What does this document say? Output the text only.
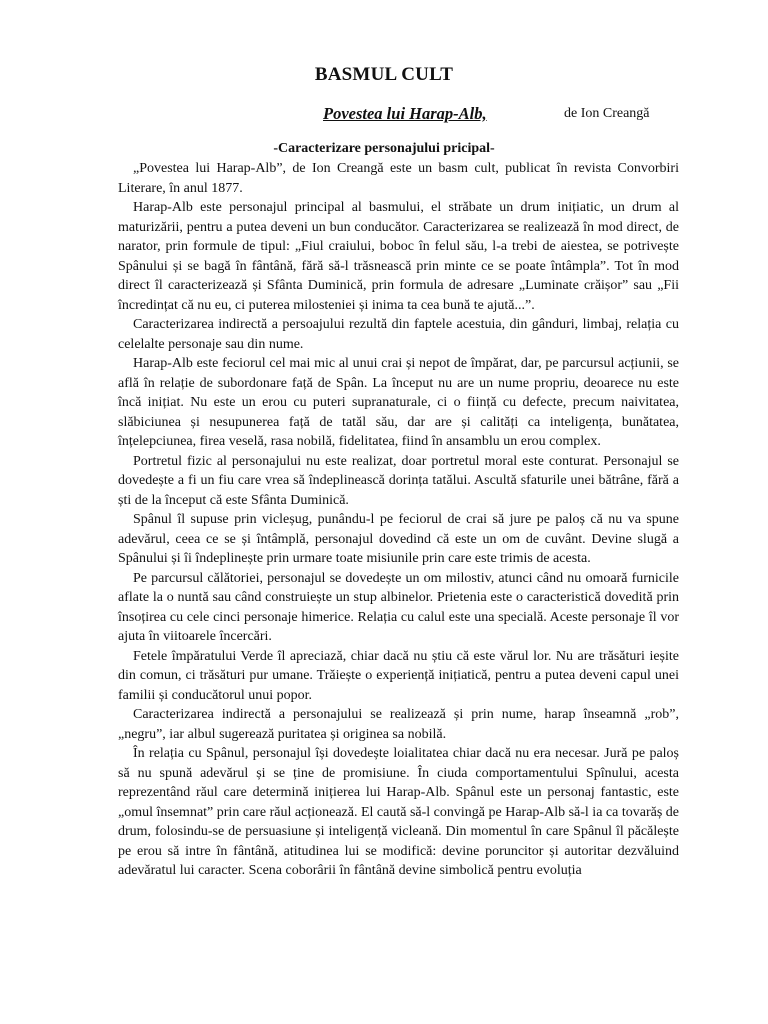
BASMUL CULT
Povestea lui Harap-Alb,	de Ion Creangă
-Caracterizare personajului pricipal-

„Povestea lui Harap-Alb”, de Ion Creangă este un basm cult, publicat în revista Convorbiri Literare, în anul 1877.

Harap-Alb este personajul principal al basmului, el străbate un drum inițiatic, un drum al maturizării, pentru a putea deveni un bun conducător. Caracterizarea se realizează în mod direct, de narator, prin formule de tipul: „Fiul craiului, boboc în felul său, l-a trebi de aiestea, se potrivește Spânului și se bagă în fântână, fără să-l trăsnească prin minte ce se poate întâmpla”. Tot în mod direct îl caracterizează și Sfânta Duminică, prin formula de adresare „Luminate crăișor” sau „Fii încredințat că nu eu, ci puterea milosteniei și inima ta cea bună te ajută...”.

Caracterizarea indirectă a persoajului rezultă din faptele acestuia, din gânduri, limbaj, relația cu celelalte personaje sau din nume.

Harap-Alb este feciorul cel mai mic al unui crai și nepot de împărat, dar, pe parcursul acțiunii, se află în relație de subordonare față de Spân. La început nu are un nume propriu, deoarece nu este încă inițiat. Nu este un erou cu puteri supranaturale, ci o ființă cu defecte, precum naivitatea, slăbiciunea și nesupunerea față de tatăl său, dar are și calități ca inteligența, bunătatea, înțelepciunea, firea veselă, rasa nobilă, fidelitatea, fiind în ansamblu un erou complex.

Portretul fizic al personajului nu este realizat, doar portretul moral este conturat. Personajul se dovedește a fi un fiu care vrea să îndeplinească dorința tatălui. Ascultă sfaturile unei bătrâne, fără a ști de la început că este Sfânta Duminică.

Spânul îl supuse prin vicleșug, punându-l pe feciorul de crai să jure pe paloș că nu va spune adevărul, ceea ce se și întâmplă, personajul dovedind că este un om de cuvânt. Devine slugă a Spânului și îi îndeplinește prin urmare toate misiunile prin care este trimis de acesta.

Pe parcursul călătoriei, personajul se dovedește un om milostiv, atunci când nu omoară furnicile aflate la o nuntă sau când construiește un stup albinelor. Prietenia este o caracteristică dovedită prin însoțirea cu cele cinci personaje himerice. Relația cu calul este una specială. Aceste personaje îl vor ajuta în viitoarele încercări.

Fetele împăratului Verde îl apreciază, chiar dacă nu știu că este vărul lor. Nu are trăsături ieșite din comun, ci trăsături pur umane. Trăiește o experiență inițiatică, pentru a putea deveni capul unei familii și conducătorul unui popor.

Caracterizarea indirectă a personajului se realizează și prin nume, harap înseamnă „rob”, „negru”, iar albul sugerează puritatea și originea sa nobilă.

În relația cu Spânul, personajul își dovedește loialitatea chiar dacă nu era necesar. Jură pe paloș să nu spună adevărul și se ține de promisiune. În ciuda comportamentului Spînului, acesta reprezentând răul care determină inițierea lui Harap-Alb. Spânul este un personaj fantastic, este „omul însemnat” prin care răul acționează. El caută să-l convingă pe Harap-Alb să-l ia ca tovarăș de drum, folosindu-se de persuasiune și inteligență vicleană. Din momentul în care Spânul îl păcălește pe erou să intre în fântână, atitudinea lui se modifică: devine poruncitor și autoritar dezvăluind adevăratul lui caracter. Scena coborârii în fântână devine simbolică pentru evoluția
